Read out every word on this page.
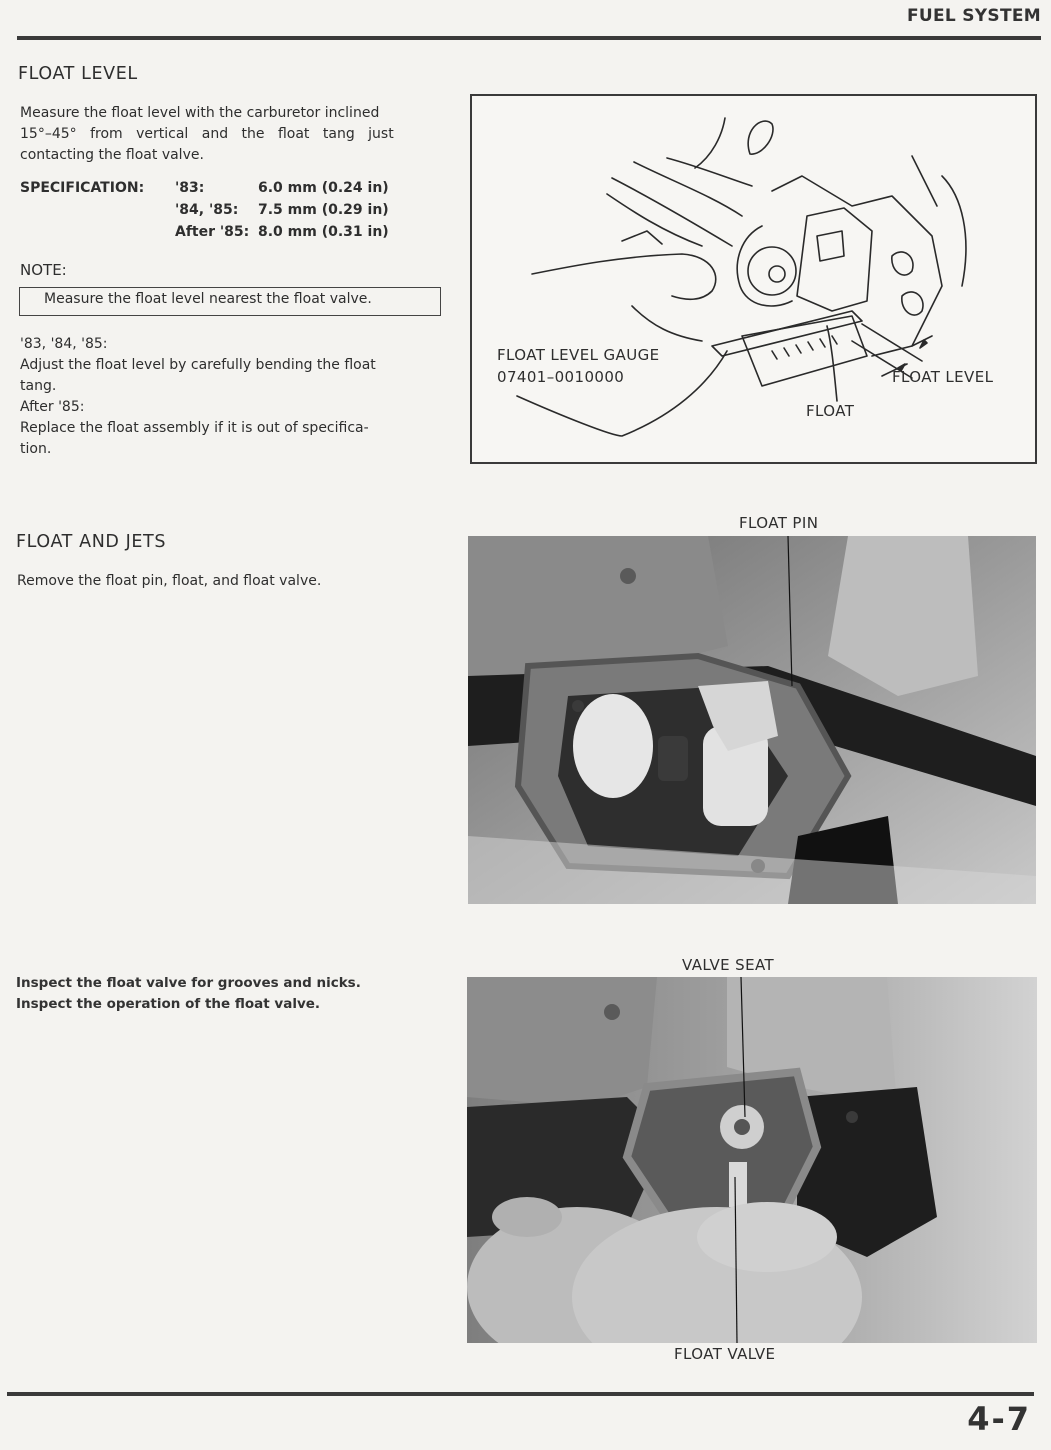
FUEL SYSTEM
FLOAT LEVEL
Measure the float level with the carburetor inclined
15°–45° from vertical and the float tang just
contacting the float valve.
SPECIFICATION: '83:	6.0 mm (0.24 in)
'84, '85: 7.5 mm (0.29 in)
After '85: 8.0 mm (0.31 in)
NOTE:
Measure the float level nearest the float valve.
'83, '84, '85:
Adjust the float level by carefully bending the float
tang.
After '85:
Replace the float assembly if it is out of specifica-
tion.
FLOAT LEVEL GAUGE
07401–0010000	FLOAT LEVEL
FLOAT
FLOAT AND JETS
Remove the float pin, float, and float valve.
FLOAT PIN
Inspect the float valve for grooves and nicks.
Inspect the operation of the float valve.
VALVE SEAT
FLOAT VALVE
4-7
